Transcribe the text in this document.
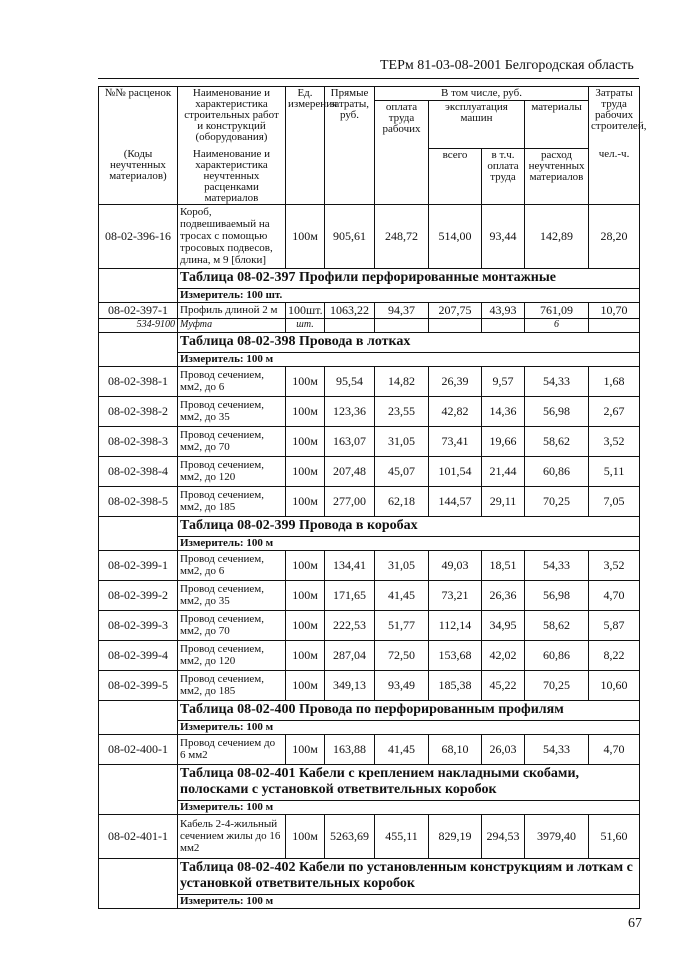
ТЕРм 81-03-08-2001 Белгородская область
№№ расценок	Наименование и характеристика строительных работ и конструкций (оборудования)	Ед. измерения	Прямые затраты, руб.	В том числе, руб.				Затраты труда рабочих строителей,
				оплата труда рабочих	эксплуатация машин		материалы	

(Коды неучтенных материалов)	Наименование и характеристика неучтенных расценками материалов				всего	в т.ч. оплата труда	расход неучтенных материалов	чел.-ч.

08-02-396-16	Короб, подвешиваемый на тросах с помощью тросовых подвесов, длина, м 9 [блоки]	100м	905,61	248,72	514,00	93,44	142,89	28,20
	Таблица 08-02-397 Профили перфорированные монтажные							
	Измеритель: 100 шт.							
08-02-397-1	Профиль длиной 2 м	100шт.	1063,22	94,37	207,75	43,93	761,09	10,70
534-9100	Муфта	шт.					6	
	Таблица 08-02-398 Провода в лотках							
	Измеритель: 100 м							
08-02-398-1	Провод сечением, мм2, до 6	100м	95,54	14,82	26,39	9,57	54,33	1,68
08-02-398-2	Провод сечением, мм2, до 35	100м	123,36	23,55	42,82	14,36	56,98	2,67
08-02-398-3	Провод сечением, мм2, до 70	100м	163,07	31,05	73,41	19,66	58,62	3,52
08-02-398-4	Провод сечением, мм2, до 120	100м	207,48	45,07	101,54	21,44	60,86	5,11
08-02-398-5	Провод сечением, мм2, до 185	100м	277,00	62,18	144,57	29,11	70,25	7,05
	Таблица 08-02-399 Провода в коробах							
	Измеритель: 100 м							
08-02-399-1	Провод сечением, мм2, до 6	100м	134,41	31,05	49,03	18,51	54,33	3,52
08-02-399-2	Провод сечением, мм2, до 35	100м	171,65	41,45	73,21	26,36	56,98	4,70
08-02-399-3	Провод сечением, мм2, до 70	100м	222,53	51,77	112,14	34,95	58,62	5,87
08-02-399-4	Провод сечением, мм2, до 120	100м	287,04	72,50	153,68	42,02	60,86	8,22
08-02-399-5	Провод сечением, мм2, до 185	100м	349,13	93,49	185,38	45,22	70,25	10,60
	Таблица 08-02-400 Провода по перфорированным профилям							
	Измеритель: 100 м							
08-02-400-1	Провод сечением до 6 мм2	100м	163,88	41,45	68,10	26,03	54,33	4,70
	Таблица 08-02-401 Кабели с креплением накладными скобами, полосками с установкой ответвительных коробок							
	Измеритель: 100 м							
08-02-401-1	Кабель 2-4-жильный сечением жилы до 16 мм2	100м	5263,69	455,11	829,19	294,53	3979,40	51,60
	Таблица 08-02-402 Кабели по установленным конструкциям и лоткам с установкой ответвительных коробок							
	Измеритель: 100 м							
67
